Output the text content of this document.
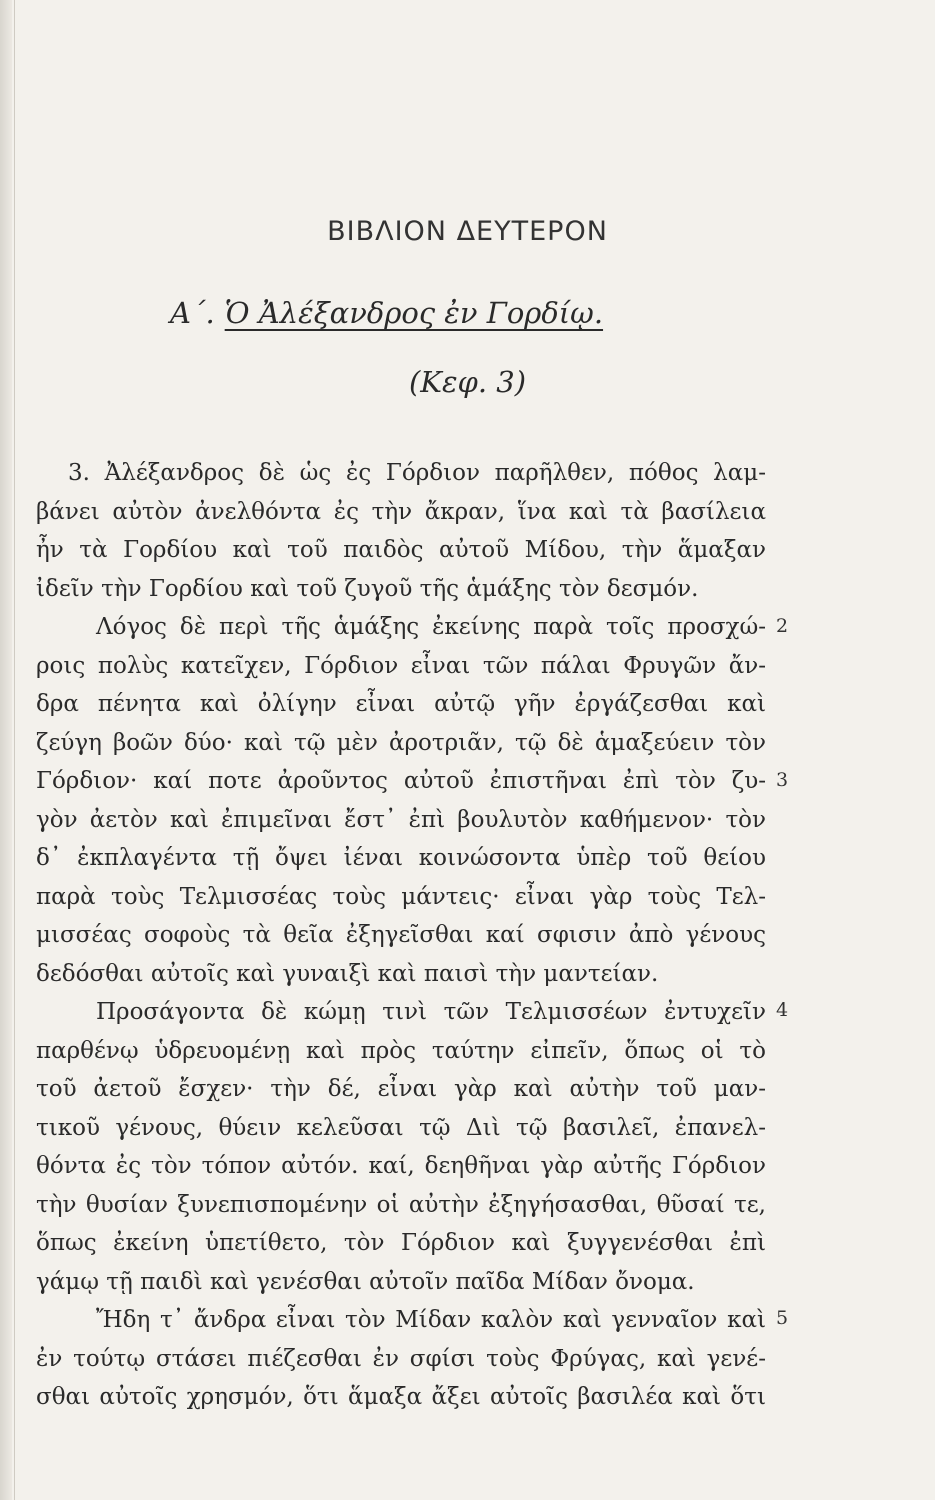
ΒΙΒΛΙΟΝ ΔΕΥΤΕΡΟΝ
Α΄. Ὁ Ἀλέξανδρος ἐν Γορδίῳ.
(Κεφ. 3)
3. Ἀλέξανδρος δὲ ὡς ἐς Γόρδιον παρῆλθεν, πόθος λαμ-
βάνει αὐτὸν ἀνελθόντα ἐς τὴν ἄκραν, ἵνα καὶ τὰ βασίλεια
ἦν τὰ Γορδίου καὶ τοῦ παιδὸς αὐτοῦ Μίδου, τὴν ἅμαξαν
ἰδεῖν τὴν Γορδίου καὶ τοῦ ζυγοῦ τῆς ἁμάξης τὸν δεσμόν.
Λόγος δὲ περὶ τῆς ἁμάξης ἐκείνης παρὰ τοῖς προσχώ-
ροις πολὺς κατεῖχεν, Γόρδιον εἶναι τῶν πάλαι Φρυγῶν ἄν-
δρα πένητα καὶ ὀλίγην εἶναι αὐτῷ γῆν ἐργάζεσθαι καὶ
ζεύγη βοῶν δύο· καὶ τῷ μὲν ἀροτριᾶν, τῷ δὲ ἁμαξεύειν τὸν
Γόρδιον· καί ποτε ἀροῦντος αὐτοῦ ἐπιστῆναι ἐπὶ τὸν ζυ-
γὸν ἀετὸν καὶ ἐπιμεῖναι ἔστ᾽ ἐπὶ βουλυτὸν καθήμενον· τὸν
δ᾽ ἐκπλαγέντα τῇ ὄψει ἰέναι κοινώσοντα ὑπὲρ τοῦ θείου
παρὰ τοὺς Τελμισσέας τοὺς μάντεις· εἶναι γὰρ τοὺς Τελ-
μισσέας σοφοὺς τὰ θεῖα ἐξηγεῖσθαι καί σφισιν ἀπὸ γένους
δεδόσθαι αὐτοῖς καὶ γυναιξὶ καὶ παισὶ τὴν μαντείαν.
Προσάγοντα δὲ κώμῃ τινὶ τῶν Τελμισσέων ἐντυχεῖν
παρθένῳ ὑδρευομένῃ καὶ πρὸς ταύτην εἰπεῖν, ὅπως οἱ τὸ
τοῦ ἀετοῦ ἔσχεν· τὴν δέ, εἶναι γὰρ καὶ αὐτὴν τοῦ μαν-
τικοῦ γένους, θύειν κελεῦσαι τῷ Διὶ τῷ βασιλεῖ, ἐπανελ-
θόντα ἐς τὸν τόπον αὐτόν. καί, δεηθῆναι γὰρ αὐτῆς Γόρδιον
τὴν θυσίαν ξυνεπισπομένην οἱ αὐτὴν ἐξηγήσασθαι, θῦσαί τε,
ὅπως ἐκείνη ὑπετίθετο, τὸν Γόρδιον καὶ ξυγγενέσθαι ἐπὶ
γάμῳ τῇ παιδὶ καὶ γενέσθαι αὐτοῖν παῖδα Μίδαν ὄνομα.
Ἤδη τ᾽ ἄνδρα εἶναι τὸν Μίδαν καλὸν καὶ γενναῖον καὶ
ἐν τούτῳ στάσει πιέζεσθαι ἐν σφίσι τοὺς Φρύγας, καὶ γενέ-
σθαι αὐτοῖς χρησμόν, ὅτι ἅμαξα ἄξει αὐτοῖς βασιλέα καὶ ὅτι
2
3
4
5
